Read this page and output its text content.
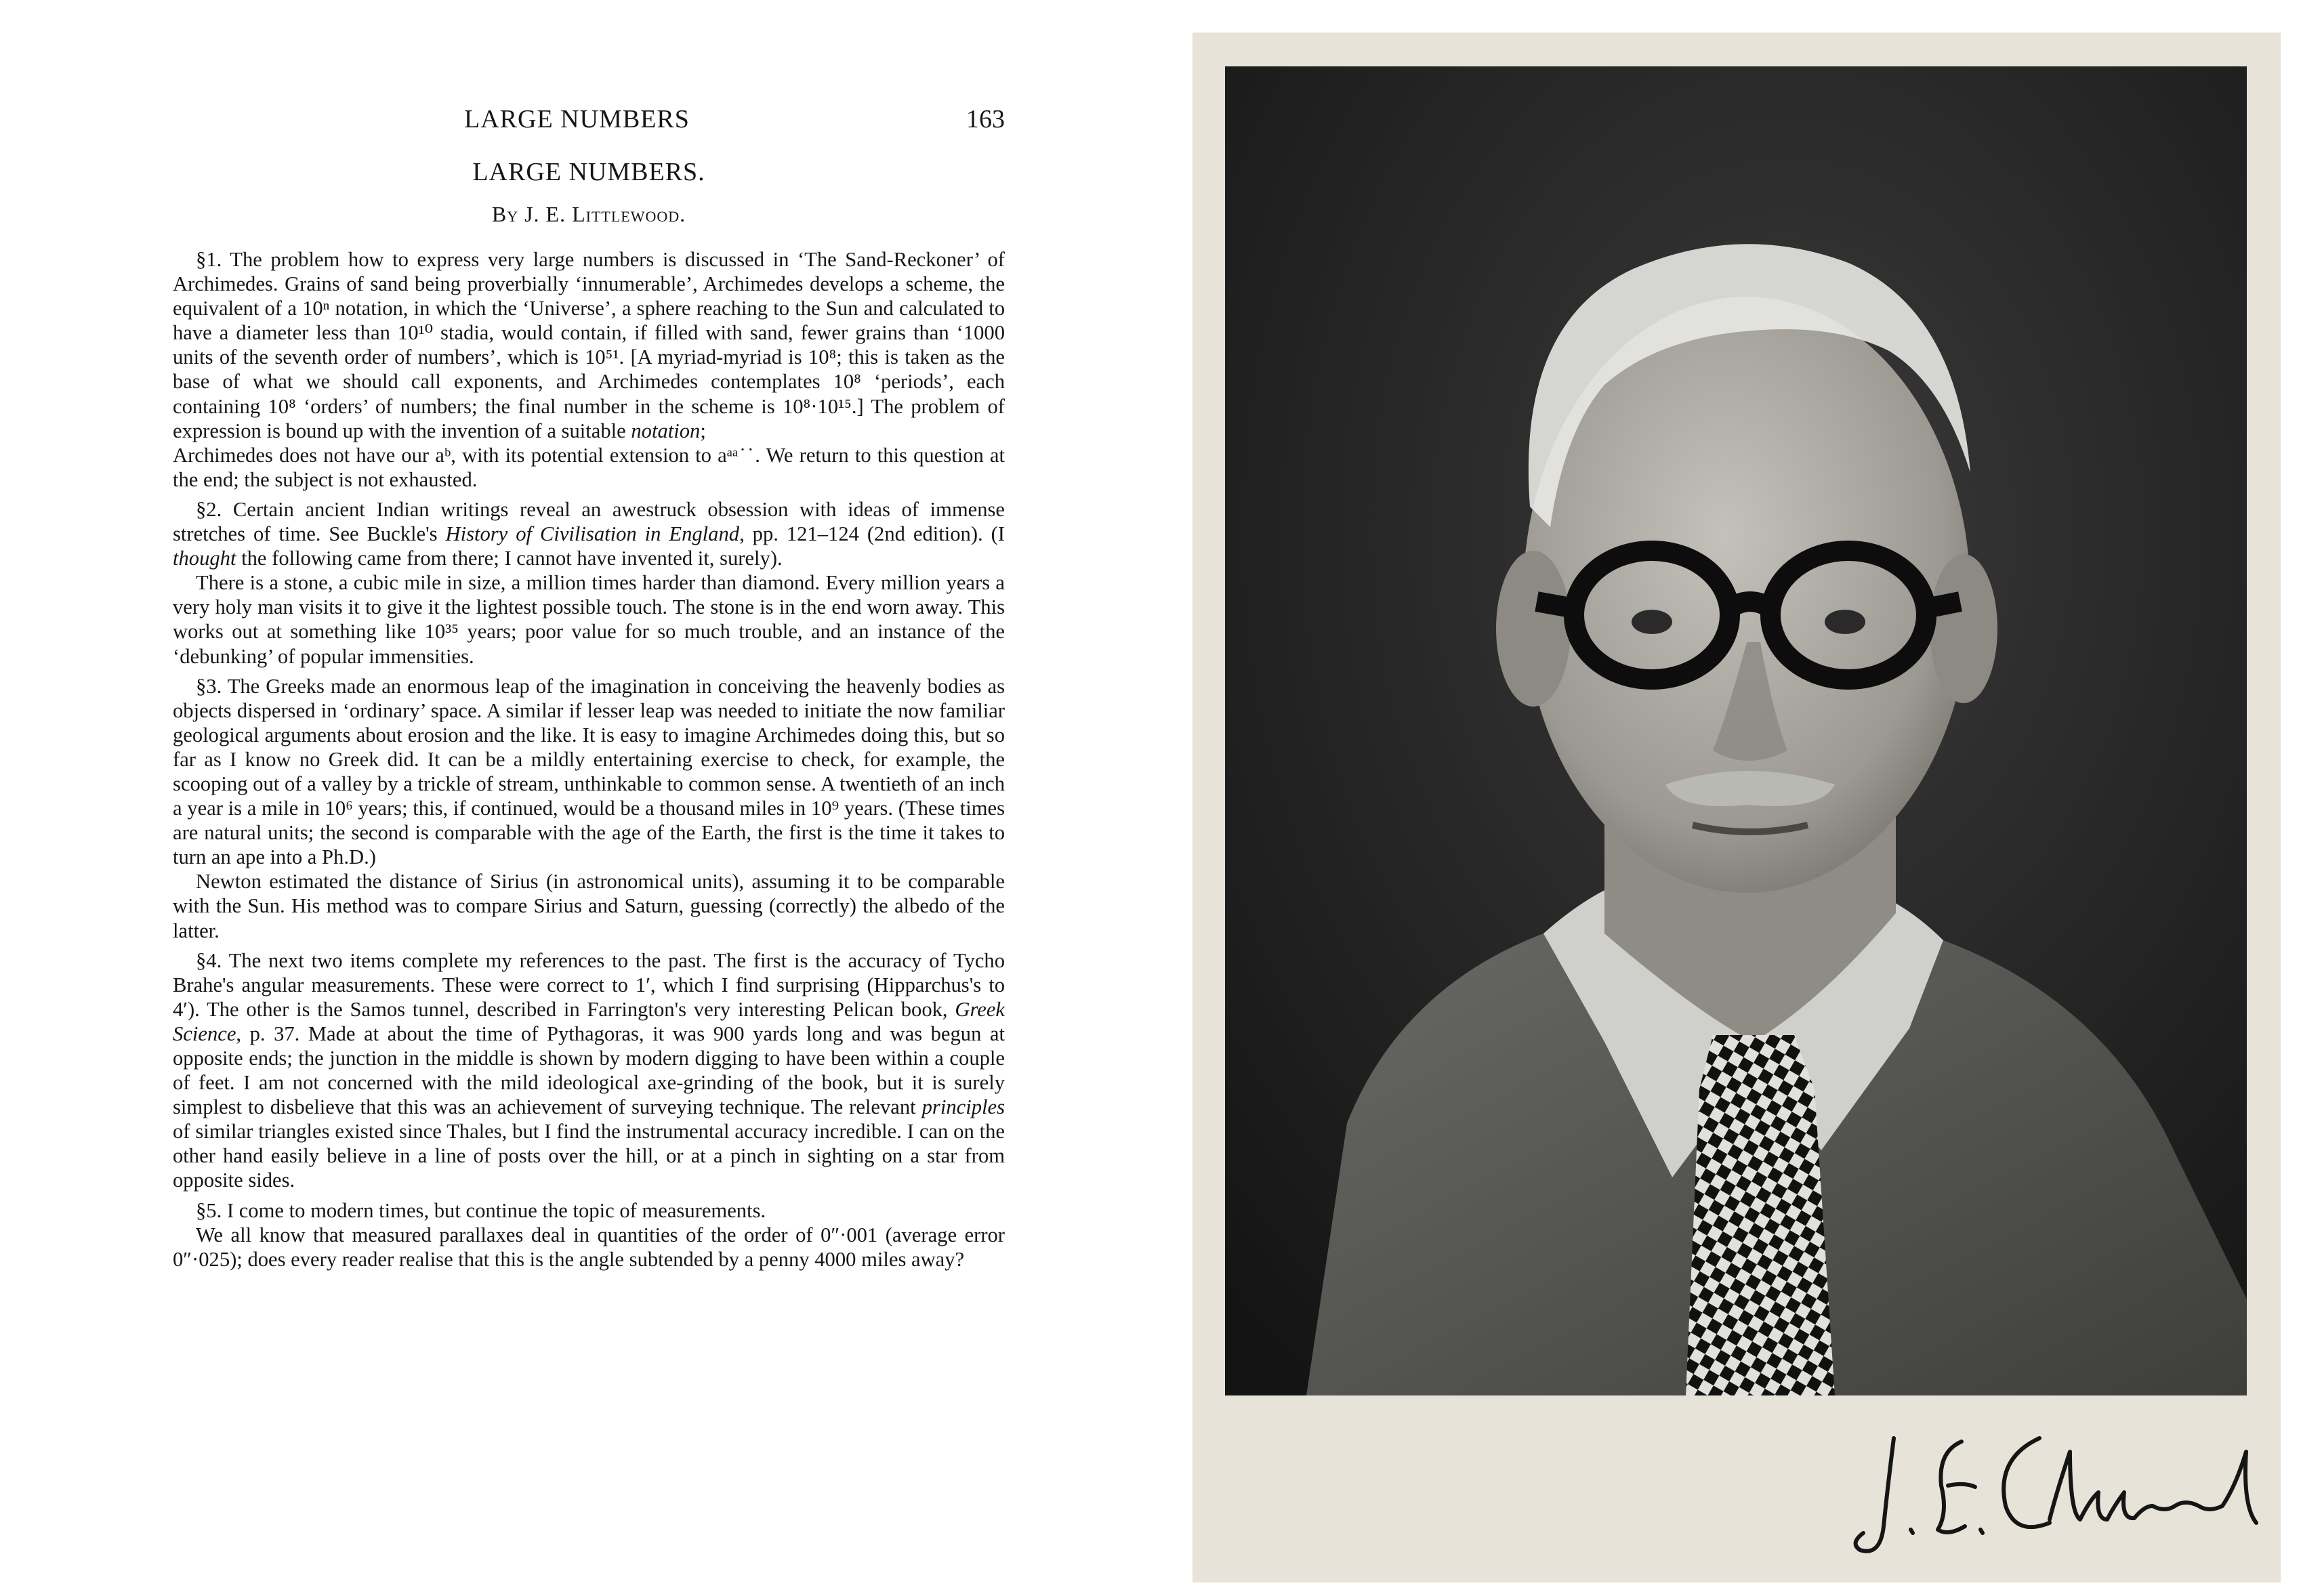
LARGE NUMBERS	163
LARGE NUMBERS.
By J. E. Littlewood.

§1. The problem how to express very large numbers is discussed in ‘The Sand-Reckoner’ of Archimedes. Grains of sand being proverbially ‘innumerable’, Archimedes develops a scheme, the equivalent of a 10ⁿ notation, in which the ‘Universe’, a sphere reaching to the Sun and calculated to have a diameter less than 10¹⁰ stadia, would contain, if filled with sand, fewer grains than ‘1000 units of the seventh order of numbers’, which is 10⁵¹. [A myriad-myriad is 10⁸; this is taken as the base of what we should call exponents, and Archimedes contemplates 10⁸ ‘periods’, each containing 10⁸ ‘orders’ of numbers; the final number in the scheme is 10⁸·10¹⁵.] The problem of expression is bound up with the invention of a suitable notation;

Archimedes does not have our aᵇ, with its potential extension to aᵃᵃ˙˙. We return to this question at the end; the subject is not exhausted.

§2. Certain ancient Indian writings reveal an awestruck obsession with ideas of immense stretches of time. See Buckle's History of Civilisation in England, pp. 121–124 (2nd edition). (I thought the following came from there; I cannot have invented it, surely).

There is a stone, a cubic mile in size, a million times harder than diamond. Every million years a very holy man visits it to give it the lightest possible touch. The stone is in the end worn away. This works out at something like 10³⁵ years; poor value for so much trouble, and an instance of the ‘debunking’ of popular immensities.

§3. The Greeks made an enormous leap of the imagination in conceiving the heavenly bodies as objects dispersed in ‘ordinary’ space. A similar if lesser leap was needed to initiate the now familiar geological arguments about erosion and the like. It is easy to imagine Archimedes doing this, but so far as I know no Greek did. It can be a mildly entertaining exercise to check, for example, the scooping out of a valley by a trickle of stream, unthinkable to common sense. A twentieth of an inch a year is a mile in 10⁶ years; this, if continued, would be a thousand miles in 10⁹ years. (These times are natural units; the second is comparable with the age of the Earth, the first is the time it takes to turn an ape into a Ph.D.)

Newton estimated the distance of Sirius (in astronomical units), assuming it to be comparable with the Sun. His method was to compare Sirius and Saturn, guessing (correctly) the albedo of the latter.

§4. The next two items complete my references to the past. The first is the accuracy of Tycho Brahe's angular measurements. These were correct to 1′, which I find surprising (Hipparchus's to 4′). The other is the Samos tunnel, described in Farrington's very interesting Pelican book, Greek Science, p. 37. Made at about the time of Pythagoras, it was 900 yards long and was begun at opposite ends; the junction in the middle is shown by modern digging to have been within a couple of feet. I am not concerned with the mild ideological axe-grinding of the book, but it is surely simplest to disbelieve that this was an achievement of surveying technique. The relevant principles of similar triangles existed since Thales, but I find the instrumental accuracy incredible. I can on the other hand easily believe in a line of posts over the hill, or at a pinch in sighting on a star from opposite sides.

§5. I come to modern times, but continue the topic of measurements.

We all know that measured parallaxes deal in quantities of the order of 0″·001 (average error 0″·025); does every reader realise that this is the angle subtended by a penny 4000 miles away?
